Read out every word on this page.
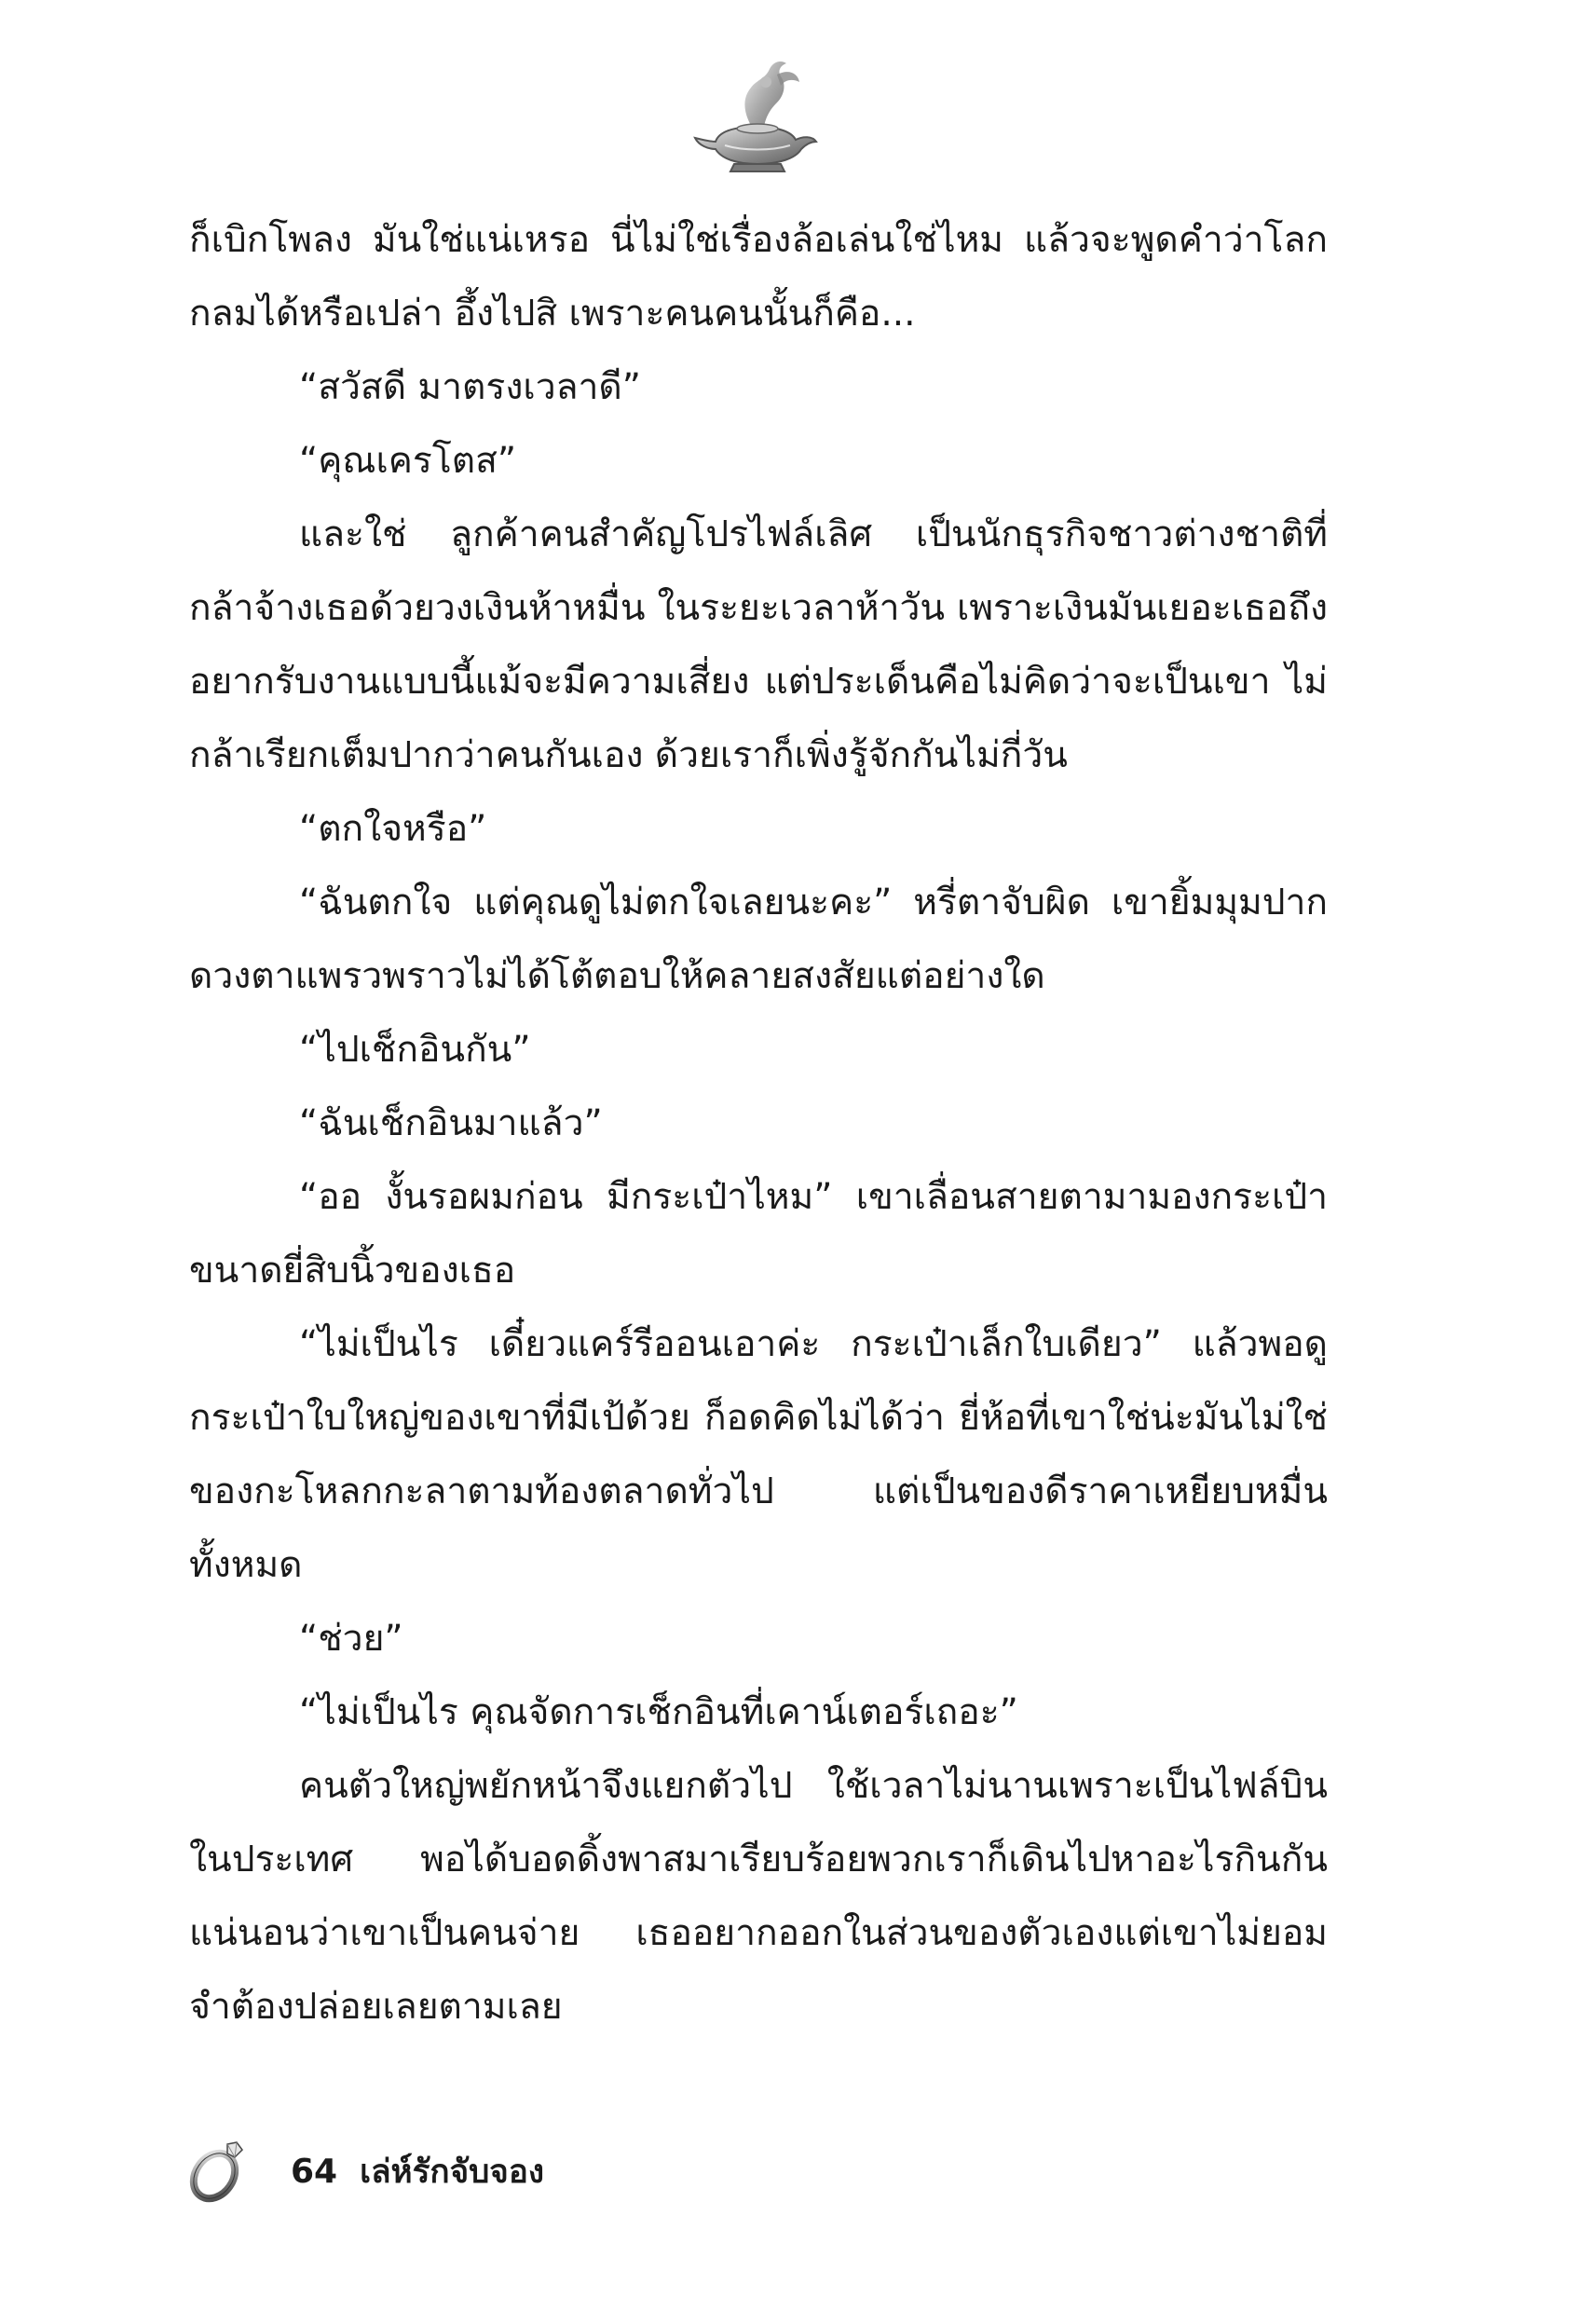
ก็เบิกโพลง มันใช่แน่เหรอ นี่ไม่ใช่เรื่องล้อเล่นใช่ไหม แล้วจะพูดคำว่าโลกกลมได้หรือเปล่า อึ้งไปสิ เพราะคนคนนั้นก็คือ...

“สวัสดี มาตรงเวลาดี”

“คุณเครโตส”

และใช่ ลูกค้าคนสำคัญโปรไฟล์เลิศ เป็นนักธุรกิจชาวต่างชาติที่กล้าจ้างเธอด้วยวงเงินห้าหมื่น ในระยะเวลาห้าวัน เพราะเงินมันเยอะเธอถึงอยากรับงานแบบนี้แม้จะมีความเสี่ยง แต่ประเด็นคือไม่คิดว่าจะเป็นเขา ไม่กล้าเรียกเต็มปากว่าคนกันเอง ด้วยเราก็เพิ่งรู้จักกันไม่กี่วัน

“ตกใจหรือ”

“ฉันตกใจ แต่คุณดูไม่ตกใจเลยนะคะ” หรี่ตาจับผิด เขายิ้มมุมปาก ดวงตาแพรวพราวไม่ได้โต้ตอบให้คลายสงสัยแต่อย่างใด

“ไปเช็กอินกัน”

“ฉันเช็กอินมาแล้ว”

“ออ งั้นรอผมก่อน มีกระเป๋าไหม” เขาเลื่อนสายตามามองกระเป๋าขนาดยี่สิบนิ้วของเธอ

“ไม่เป็นไร เดี๋ยวแคร์รีออนเอาค่ะ กระเป๋าเล็กใบเดียว” แล้วพอดูกระเป๋าใบใหญ่ของเขาที่มีเป้ด้วย ก็อดคิดไม่ได้ว่า ยี่ห้อที่เขาใช่น่ะมันไม่ใช่ของกะโหลกกะลาตามท้องตลาดทั่วไป แต่เป็นของดีราคาเหยียบหมื่นทั้งหมด

“ช่วย”

“ไม่เป็นไร คุณจัดการเช็กอินที่เคาน์เตอร์เถอะ”

คนตัวใหญ่พยักหน้าจึงแยกตัวไป ใช้เวลาไม่นานเพราะเป็นไฟล์บินในประเทศ พอได้บอดดิ้งพาสมาเรียบร้อยพวกเราก็เดินไปหาอะไรกินกัน แน่นอนว่าเขาเป็นคนจ่าย เธออยากออกในส่วนของตัวเองแต่เขาไม่ยอม จำต้องปล่อยเลยตามเลย

64 เล่ห์รักจับจอง
